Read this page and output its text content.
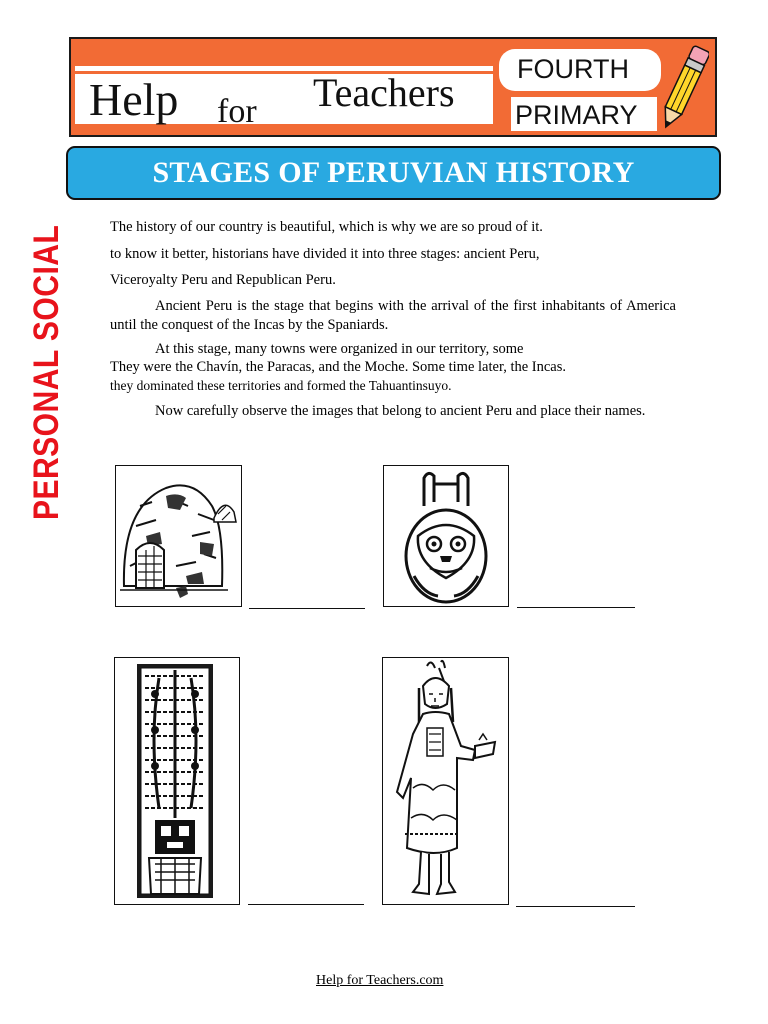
Help for Teachers
FOURTH
PRIMARY
STAGES OF PERUVIAN HISTORY
PERSONAL SOCIAL	The history of our country is beautiful, which is why we are so proud of it.

to know it better, historians have divided it into three stages: ancient Peru,

Viceroyalty Peru and Republican Peru.

Ancient Peru is the stage that begins with the arrival of the first inhabitants of America until the conquest of the Incas by the Spaniards.

At this stage, many towns were organized in our territory, some

They were the Chavín, the Paracas, and the Moche. Some time later, the Incas.

they dominated these territories and formed the Tahuantinsuyo.

Now carefully observe the images that belong to ancient Peru and place their names.

Help for Teachers.com
